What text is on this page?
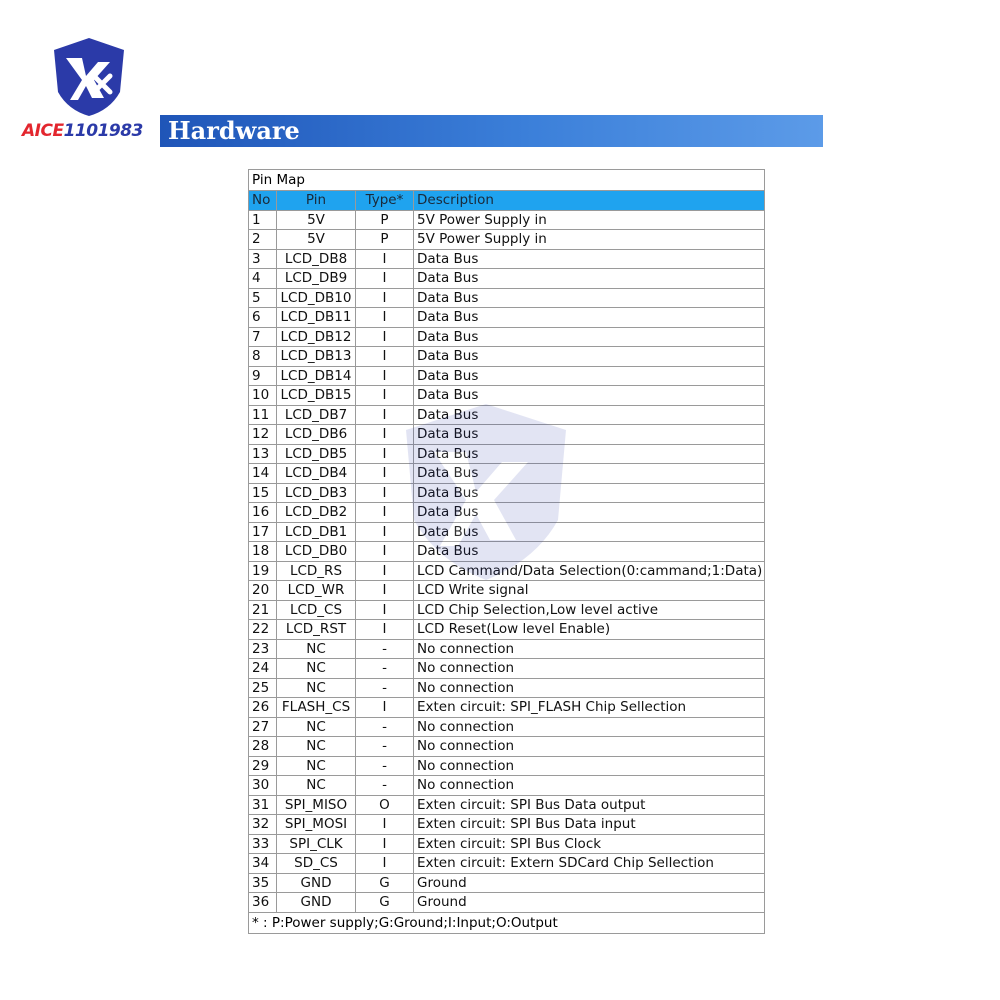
AICE1101983	Hardware
Pin Map
No	Pin	Type*	Description
1	5V	P	5V Power Supply in
2	5V	P	5V Power Supply in
3	LCD_DB8	I	Data Bus
4	LCD_DB9	I	Data Bus
5	LCD_DB10	I	Data Bus
6	LCD_DB11	I	Data Bus
7	LCD_DB12	I	Data Bus
8	LCD_DB13	I	Data Bus
9	LCD_DB14	I	Data Bus
10	LCD_DB15	I	Data Bus
11	LCD_DB7	I	Data Bus
12	LCD_DB6	I	Data Bus
13	LCD_DB5	I	Data Bus
14	LCD_DB4	I	Data Bus
15	LCD_DB3	I	Data Bus
16	LCD_DB2	I	Data Bus
17	LCD_DB1	I	Data Bus
18	LCD_DB0	I	Data Bus
19	LCD_RS	I	LCD Cammand/Data Selection(0:cammand;1:Data)
20	LCD_WR	I	LCD Write signal
21	LCD_CS	I	LCD Chip Selection,Low level active
22	LCD_RST	I	LCD Reset(Low level Enable)
23	NC	-	No connection
24	NC	-	No connection
25	NC	-	No connection
26	FLASH_CS	I	Exten circuit: SPI_FLASH Chip Sellection
27	NC	-	No connection
28	NC	-	No connection
29	NC	-	No connection
30	NC	-	No connection
31	SPI_MISO	O	Exten circuit: SPI Bus Data output
32	SPI_MOSI	I	Exten circuit: SPI Bus Data input
33	SPI_CLK	I	Exten circuit: SPI Bus Clock
34	SD_CS	I	Exten circuit: Extern SDCard Chip Sellection
35	GND	G	Ground
36	GND	G	Ground
* : P:Power supply;G:Ground;I:Input;O:Output
